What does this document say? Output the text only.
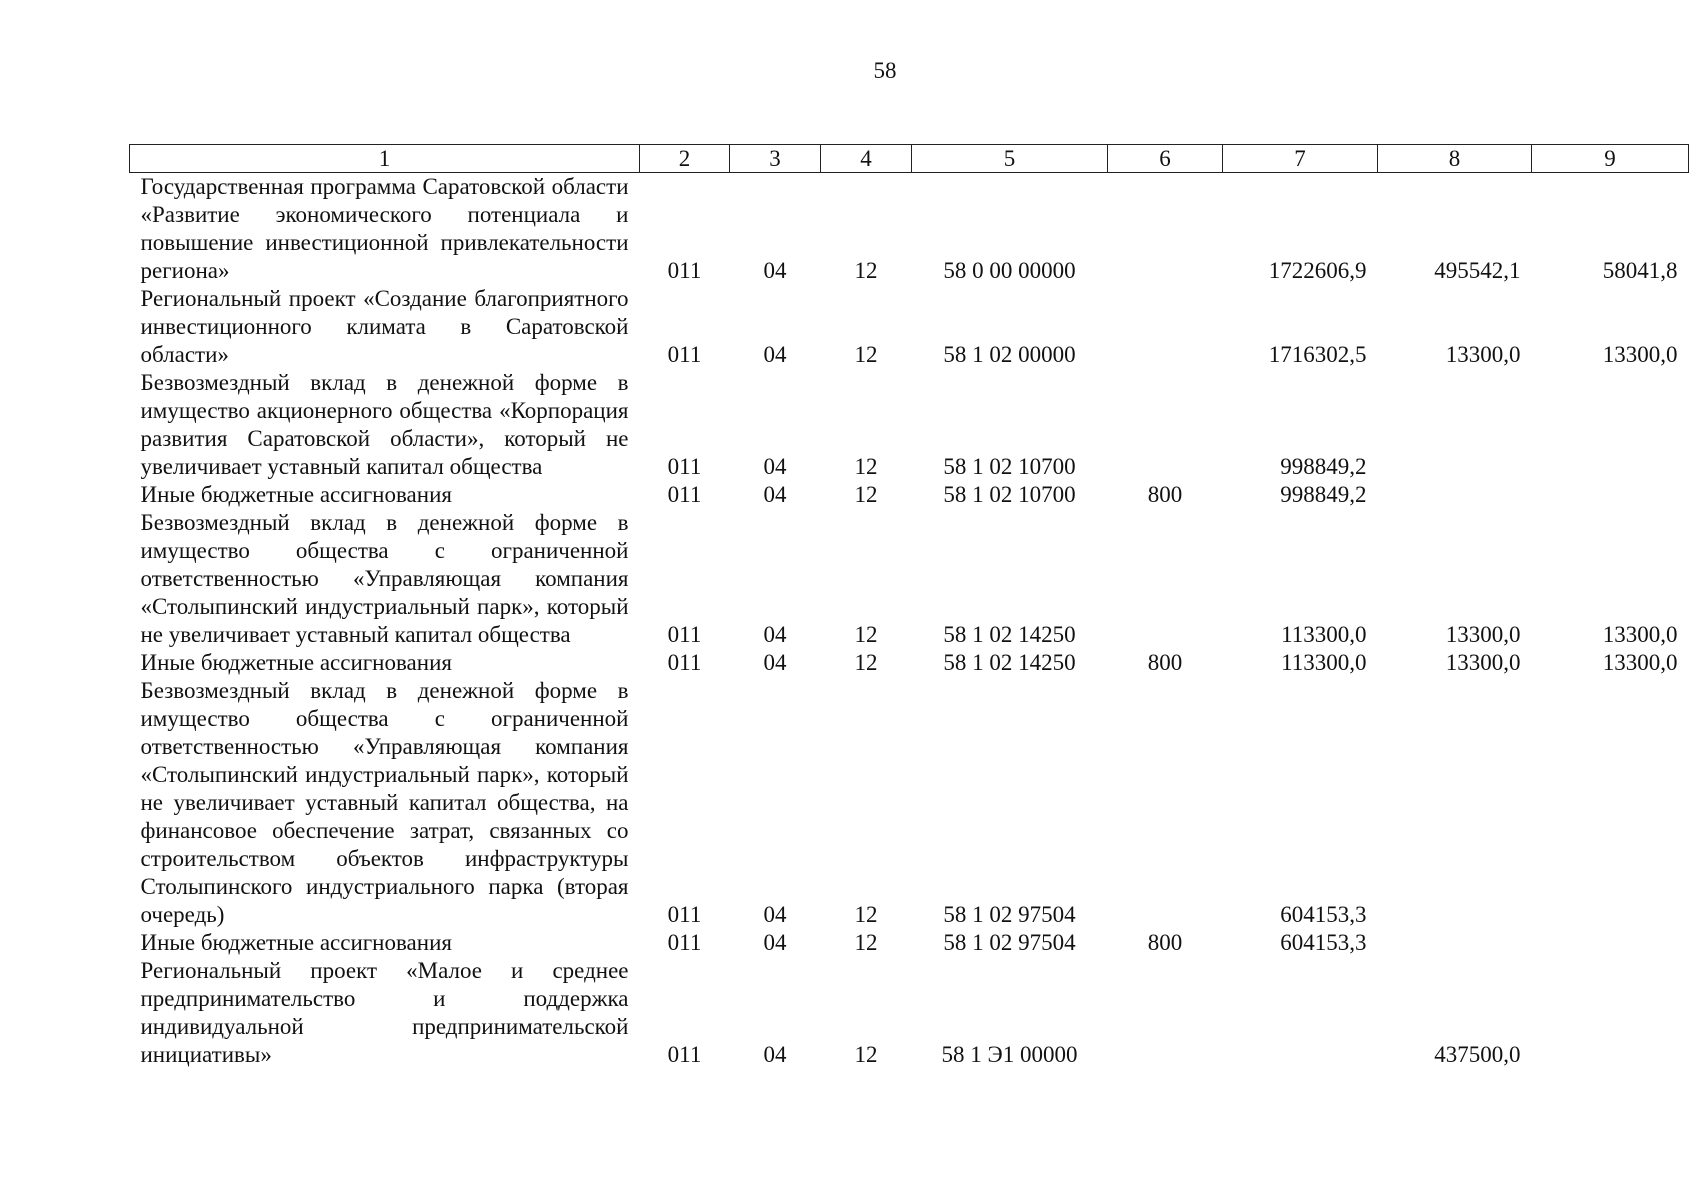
58
1	2	3	4	5	6	7	8	9
Государственная программа Саратовской области «Развитие экономического потенциала и повышение инвестиционной привлекательности региона»	011	04	12	58 0 00 00000		1722606,9	495542,1	58041,8
Региональный проект «Создание благоприятного инвестиционного климата в Саратовской области»	011	04	12	58 1 02 00000		1716302,5	13300,0	13300,0
Безвозмездный вклад в денежной форме в имущество акционерного общества «Корпорация развития Саратовской области», который не увеличивает уставный капитал общества	011	04	12	58 1 02 10700		998849,2		
Иные бюджетные ассигнования	011	04	12	58 1 02 10700	800	998849,2		
Безвозмездный вклад в денежной форме в имущество общества с ограниченной ответственностью «Управляющая компания «Столыпинский индустриальный парк», который не увеличивает уставный капитал общества	011	04	12	58 1 02 14250		113300,0	13300,0	13300,0
Иные бюджетные ассигнования	011	04	12	58 1 02 14250	800	113300,0	13300,0	13300,0
Безвозмездный вклад в денежной форме в имущество общества с ограниченной ответственностью «Управляющая компания «Столыпинский индустриальный парк», который не увеличивает уставный капитал общества, на финансовое обеспечение затрат, связанных со строительством объектов инфраструктуры Столыпинского индустриального парка (вторая очередь)	011	04	12	58 1 02 97504		604153,3		
Иные бюджетные ассигнования	011	04	12	58 1 02 97504	800	604153,3		
Региональный проект «Малое и среднее предпринимательство и поддержка индивидуальной предпринимательской инициативы»	011	04	12	58 1 Э1 00000			437500,0	
